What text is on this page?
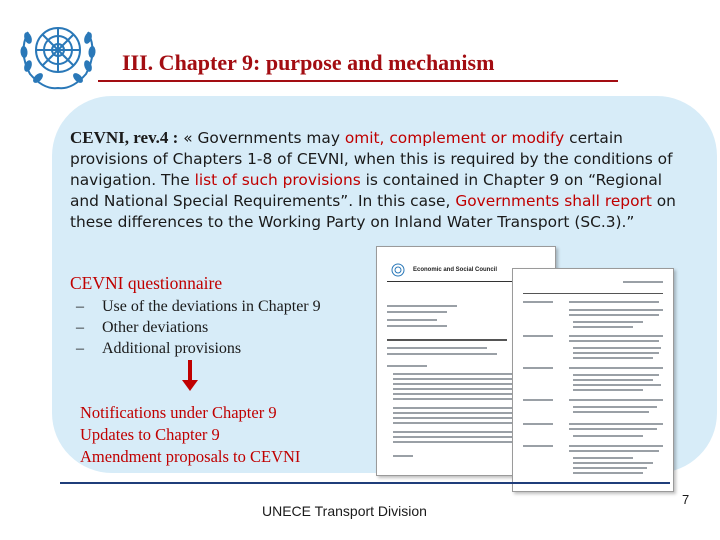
III. Chapter 9: purpose and mechanism
CEVNI, rev.4 : « Governments may omit, complement or modify certain provisions of Chapters 1-8 of CEVNI, when this is required by the conditions of navigation. The list of such provisions is contained in Chapter 9 on “Regional and National Special Requirements”. In this case, Governments shall report on these differences to the Working Party on Inland Water Transport (SC.3).”
CEVNI questionnaire
– Use of the deviations in Chapter 9
– Other deviations
– Additional provisions
Notifications under Chapter 9
Updates to Chapter 9
Amendment proposals to CEVNI
Economic and Social Council
UNECE Transport Division
7
